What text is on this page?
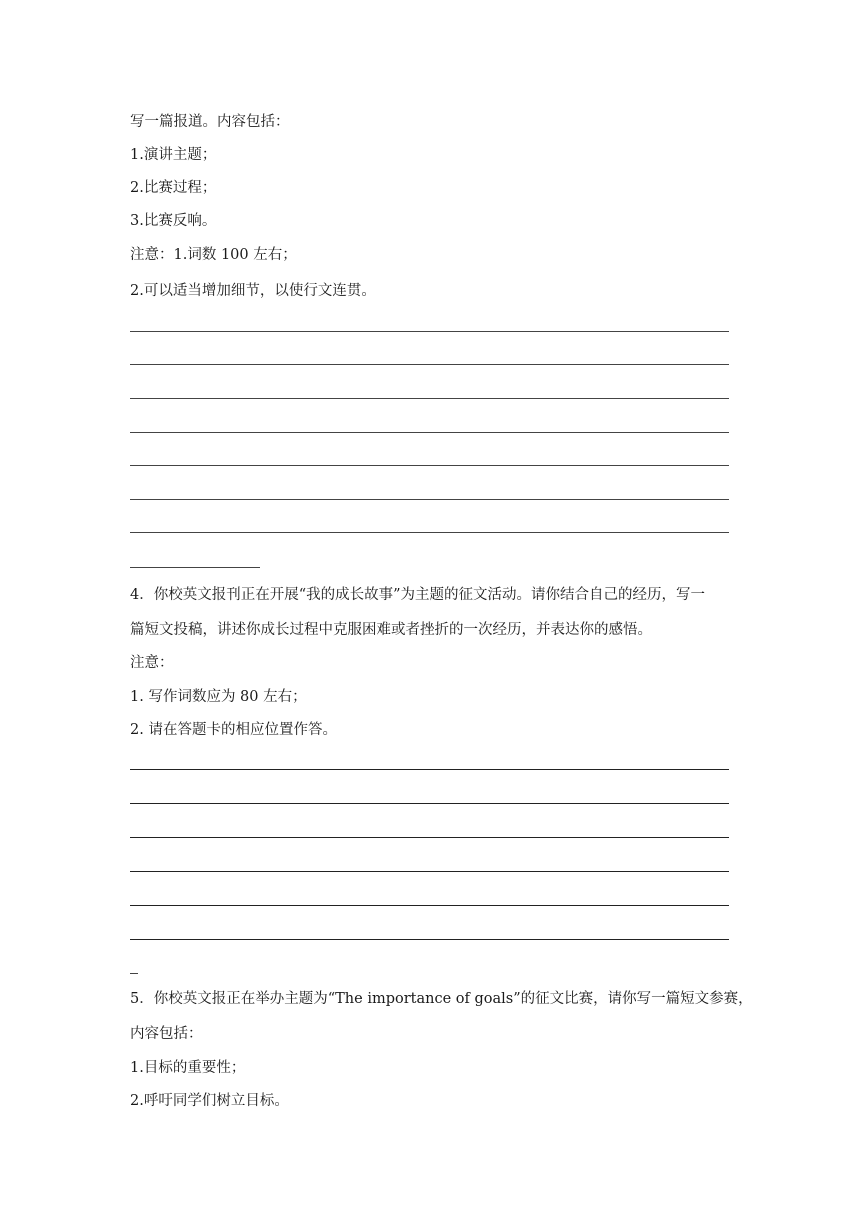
写一篇报道。内容包括：
1.演讲主题；
2.比赛过程；
3.比赛反响。
注意：1.词数 100 左右；
2.可以适当增加细节，以使行文连贯。
4．你校英文报刊正在开展“我的成长故事”为主题的征文活动。请你结合自己的经历，写一
篇短文投稿，讲述你成长过程中克服困难或者挫折的一次经历，并表达你的感悟。
注意：
1. 写作词数应为 80 左右；
2. 请在答题卡的相应位置作答。
5．你校英文报正在举办主题为“The importance of goals”的征文比赛，请你写一篇短文参赛，
内容包括：
1.目标的重要性；
2.呼吁同学们树立目标。
